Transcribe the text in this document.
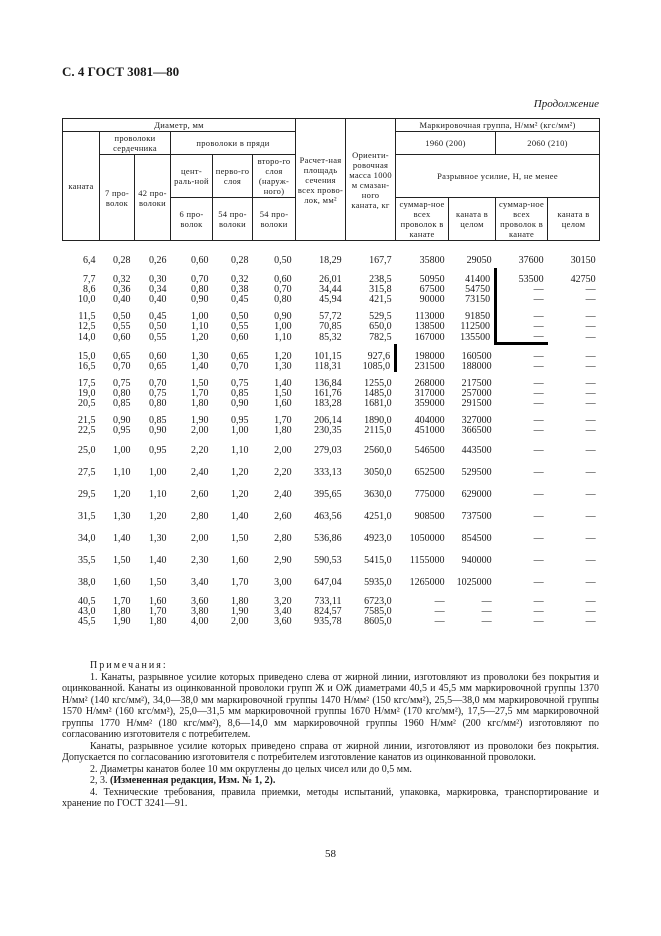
С. 4 ГОСТ 3081—80
Продолжение
Диаметр, мм						Расчет-ная площадь сечения всех прово-лок, мм²	Ориенти-ровочная масса 1000 м смазан-ного каната, кг	Маркировочная группа, Н/мм² (кгс/мм²)			
каната	проволоки сердечника		проволоки в пряди					1960 (200)		2060 (210)	
	7 про-волок	42 про-волоки	цент-раль-ной	перво-го слоя	второ-го слоя (наруж-ного)			Разрывное усилие, Н, не менее			
			6 про-волок	54 про-волоки	54 про-волоки			суммар-ное всех проволок в канате	каната в целом	суммар-ное всех проволок в канате	каната в целом

6,4	0,28	0,26	0,60	0,28	0,50	18,29	167,7	35800	29050	37600	30150

7,7	0,32	0,30	0,70	0,32	0,60	26,01	238,5	50950	41400	53500	42750
8,6	0,36	0,34	0,80	0,38	0,70	34,44	315,8	67500	54750	—	—
10,0	0,40	0,40	0,90	0,45	0,80	45,94	421,5	90000	73150	—	—

11,5	0,50	0,45	1,00	0,50	0,90	57,72	529,5	113000	91850	—	—
12,5	0,55	0,50	1,10	0,55	1,00	70,85	650,0	138500	112500	—	—
14,0	0,60	0,55	1,20	0,60	1,10	85,32	782,5	167000	135500	—	—

15,0	0,65	0,60	1,30	0,65	1,20	101,15	927,6	198000	160500	—	—
16,5	0,70	0,65	1,40	0,70	1,30	118,31	1085,0	231500	188000	—	—

17,5	0,75	0,70	1,50	0,75	1,40	136,84	1255,0	268000	217500	—	—
19,0	0,80	0,75	1,70	0,85	1,50	161,76	1485,0	317000	257000	—	—
20,5	0,85	0,80	1,80	0,90	1,60	183,28	1681,0	359000	291500	—	—

21,5	0,90	0,85	1,90	0,95	1,70	206,14	1890,0	404000	327000	—	—
22,5	0,95	0,90	2,00	1,00	1,80	230,35	2115,0	451000	366500	—	—

25,0	1,00	0,95	2,20	1,10	2,00	279,03	2560,0	546500	443500	—	—

27,5	1,10	1,00	2,40	1,20	2,20	333,13	3050,0	652500	529500	—	—

29,5	1,20	1,10	2,60	1,20	2,40	395,65	3630,0	775000	629000	—	—

31,5	1,30	1,20	2,80	1,40	2,60	463,56	4251,0	908500	737500	—	—

34,0	1,40	1,30	2,00	1,50	2,80	536,86	4923,0	1050000	854500	—	—

35,5	1,50	1,40	2,30	1,60	2,90	590,53	5415,0	1155000	940000	—	—

38,0	1,60	1,50	3,40	1,70	3,00	647,04	5935,0	1265000	1025000	—	—

40,5	1,70	1,60	3,60	1,80	3,20	733,11	6723,0	—	—	—	—
43,0	1,80	1,70	3,80	1,90	3,40	824,57	7585,0	—	—	—	—
45,5	1,90	1,80	4,00	2,00	3,60	935,78	8605,0	—	—	—	—

Примечания:

1. Канаты, разрывное усилие которых приведено слева от жирной линии, изготовляют из проволоки без покрытия и оцинкованной. Канаты из оцинкованной проволоки групп Ж и ОЖ диаметрами 40,5 и 45,5 мм маркировочной группы 1370 Н/мм² (140 кгс/мм²), 34,0—38,0 мм маркировочной группы 1470 Н/мм² (150 кгс/мм²), 25,5—38,0 мм маркировочной группы 1570 Н/мм² (160 кгс/мм²), 25,0—31,5 мм маркировочной группы 1670 Н/мм² (170 кгс/мм²), 17,5—27,5 мм маркировочной группы 1770 Н/мм² (180 кгс/мм²), 8,6—14,0 мм маркировочной группы 1960 Н/мм² (200 кгс/мм²) изготовляют по согласованию изготовителя с потребителем.

Канаты, разрывное усилие которых приведено справа от жирной линии, изготовляют из проволоки без покрытия. Допускается по согласованию изготовителя с потребителем изготовление канатов из оцинкованной проволоки.

2. Диаметры канатов более 10 мм округлены до целых чисел или до 0,5 мм.

2, 3. (Измененная редакция, Изм. № 1, 2).

4. Технические требования, правила приемки, методы испытаний, упаковка, маркировка, транспортирование и хранение по ГОСТ 3241—91.

58
